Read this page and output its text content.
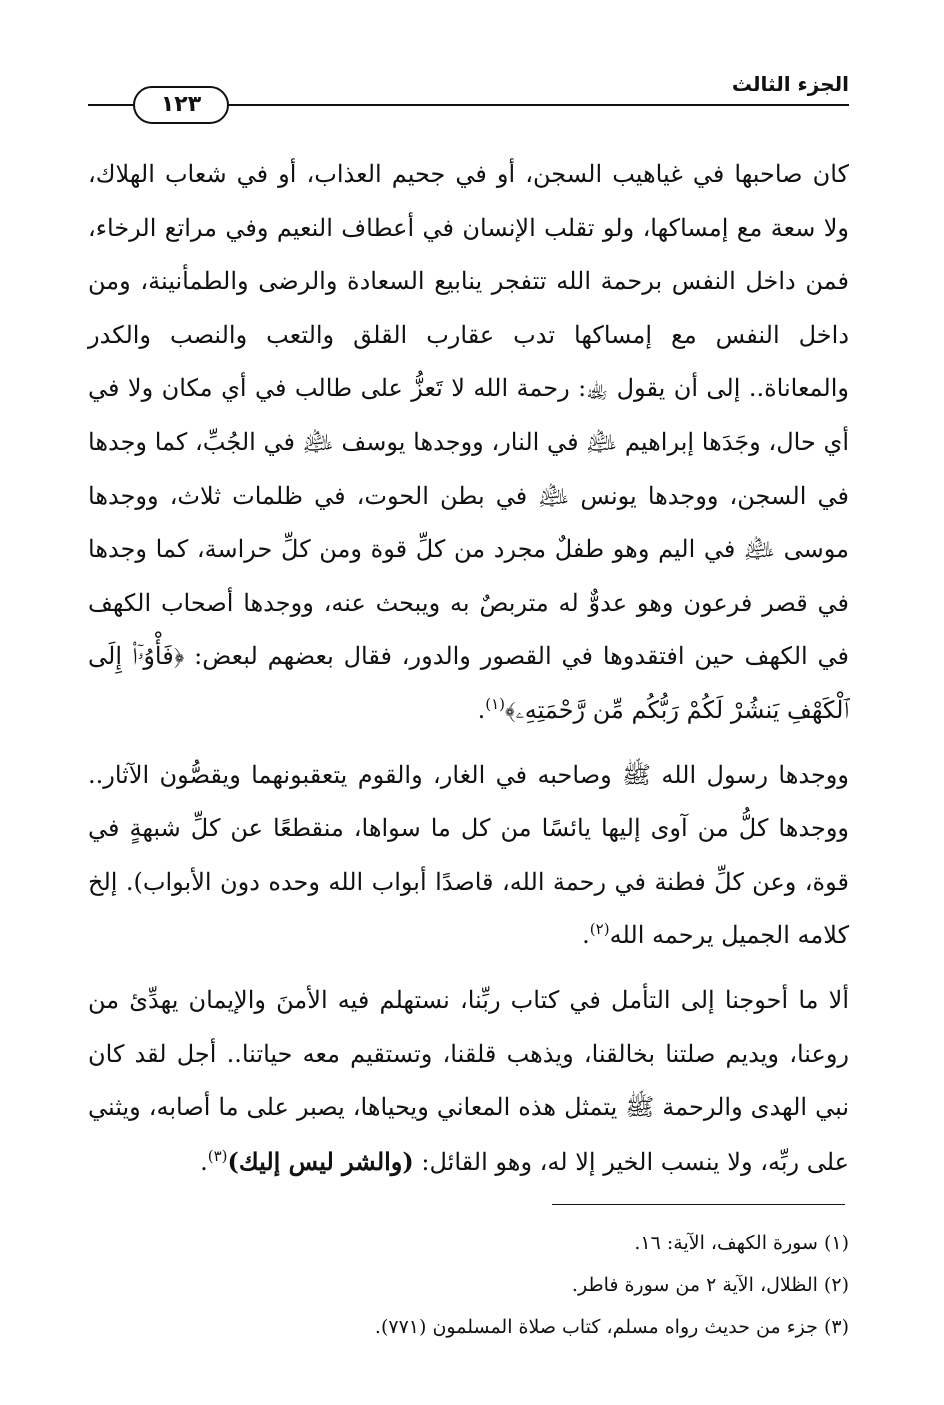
الجزء الثالث
١٢٣

كان صاحبها في غياهيب السجن، أو في جحيم العذاب، أو في شعاب الهلاك، ولا سعة مع إمساكها، ولو تقلب الإنسان في أعطاف النعيم وفي مراتع الرخاء، فمن داخل النفس برحمة الله تتفجر ينابيع السعادة والرضى والطمأنينة، ومن داخل النفس مع إمساكها تدب عقارب القلق والتعب والنصب والكدر والمعاناة.. إلى أن يقول ﵀: رحمة الله لا تَعزُّ على طالب في أي مكان ولا في أي حال، وجَدَها إبراهيم ﵇ في النار، ووجدها يوسف ﵇ في الجُبِّ، كما وجدها في السجن، ووجدها يونس ﵇ في بطن الحوت، في ظلمات ثلاث، ووجدها موسى ﵇ في اليم وهو طفلٌ مجرد من كلِّ قوة ومن كلِّ حراسة، كما وجدها في قصر فرعون وهو عدوٌّ له متربصٌ به ويبحث عنه، ووجدها أصحاب الكهف في الكهف حين افتقدوها في القصور والدور، فقال بعضهم لبعض: ﴿فَأْوُۥٓا۟ إِلَى ٱلْكَهْفِ يَنشُرْ لَكُمْ رَبُّكُم مِّن رَّحْمَتِهِۦ﴾$^{(١)}$.

ووجدها رسول الله ﷺ وصاحبه في الغار، والقوم يتعقبونهما ويقصُّون الآثار.. ووجدها كلُّ من آوى إليها يائسًا من كل ما سواها، منقطعًا عن كلِّ شبهةٍ في قوة، وعن كلِّ فطنة في رحمة الله، قاصدًا أبواب الله وحده دون الأبواب). إلخ كلامه الجميل يرحمه الله$^{(٢)}$.

ألا ما أحوجنا إلى التأمل في كتاب ربِّنا، نستهلم فيه الأمنَ والإيمان يهدِّئ من روعنا، ويديم صلتنا بخالقنا، ويذهب قلقنا، وتستقيم معه حياتنا.. أجل لقد كان نبي الهدى والرحمة ﷺ يتمثل هذه المعاني ويحياها، يصبر على ما أصابه، ويثني على ربِّه، ولا ينسب الخير إلا له، وهو القائل: (والشر ليس إليك)$^{(٣)}$.

(١) سورة الكهف، الآية: ١٦.

(٢) الظلال، الآية ٢ من سورة فاطر.

(٣) جزء من حديث رواه مسلم، كتاب صلاة المسلمون (٧٧١).
